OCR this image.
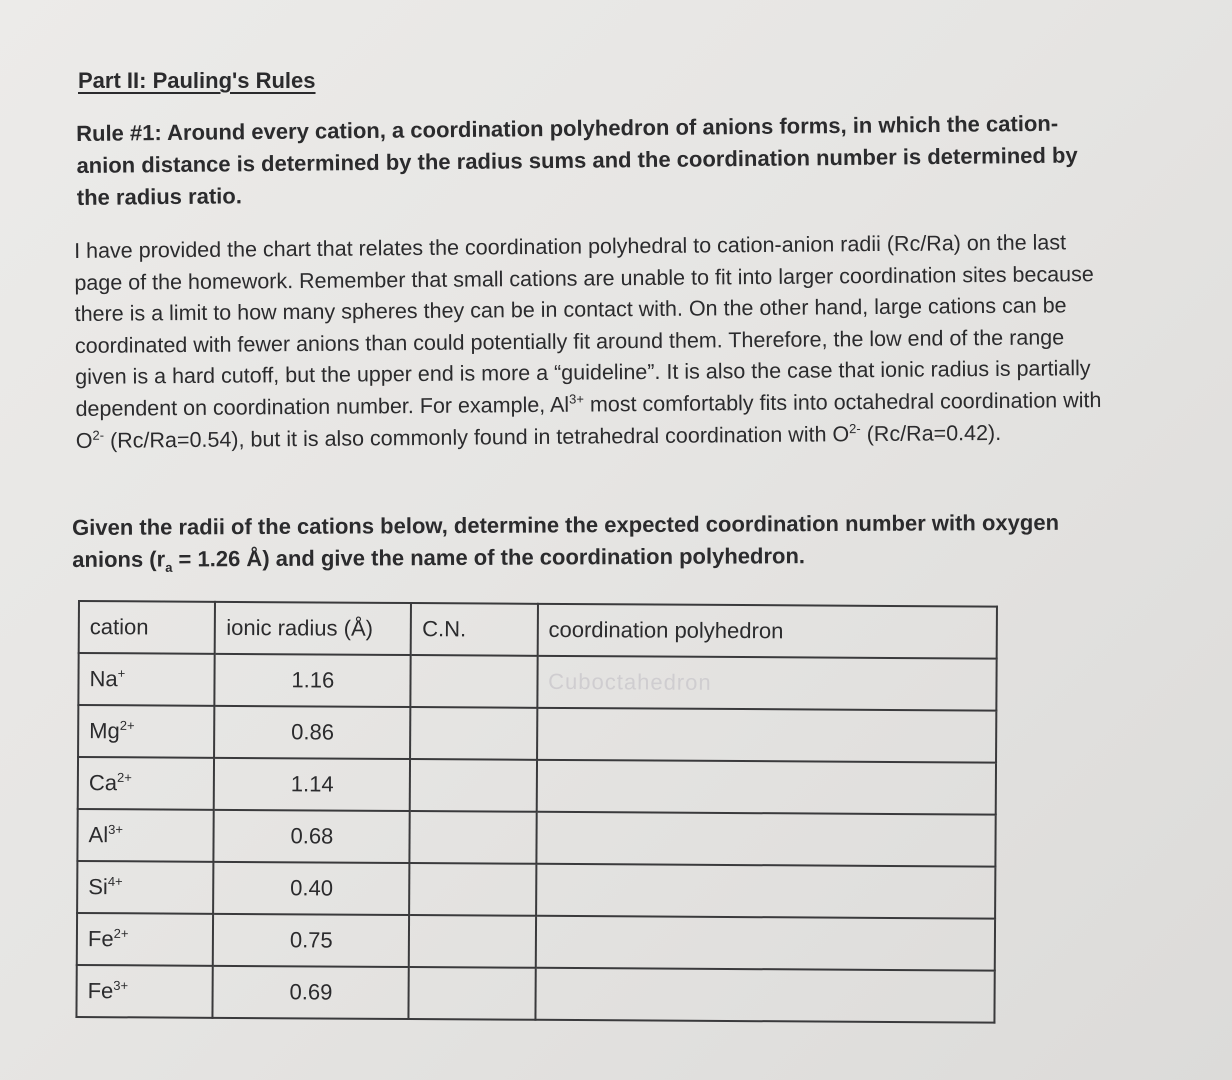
Part II: Pauling's Rules

Rule #1: Around every cation, a coordination polyhedron of anions forms, in which the cation-anion distance is determined by the radius sums and the coordination number is determined by the radius ratio.

I have provided the chart that relates the coordination polyhedral to cation-anion radii (Rc/Ra) on the last page of the homework. Remember that small cations are unable to fit into larger coordination sites because there is a limit to how many spheres they can be in contact with. On the other hand, large cations can be coordinated with fewer anions than could potentially fit around them. Therefore, the low end of the range given is a hard cutoff, but the upper end is more a “guideline”. It is also the case that ionic radius is partially dependent on coordination number. For example, $Al^{3+}$ most comfortably fits into octahedral coordination with $O^{2-}$ (Rc/Ra=0.54), but it is also commonly found in tetrahedral coordination with $O^{2-}$ (Rc/Ra=0.42).

Given the radii of the cations below, determine the expected coordination number with oxygen anions ($r_a = 1.26$ Å) and give the name of the coordination polyhedron.

cation	ionic radius (Å)	C.N.	coordination polyhedron
Na+	1.16		Cuboctahedron
$Mg^{2+}$	0.86		
$Ca^{2+}$	1.14		
$Al^{3+}$	0.68		
$Si^{4+}$	0.40		
$Fe^{2+}$	0.75		
$Fe^{3+}$	0.69		
